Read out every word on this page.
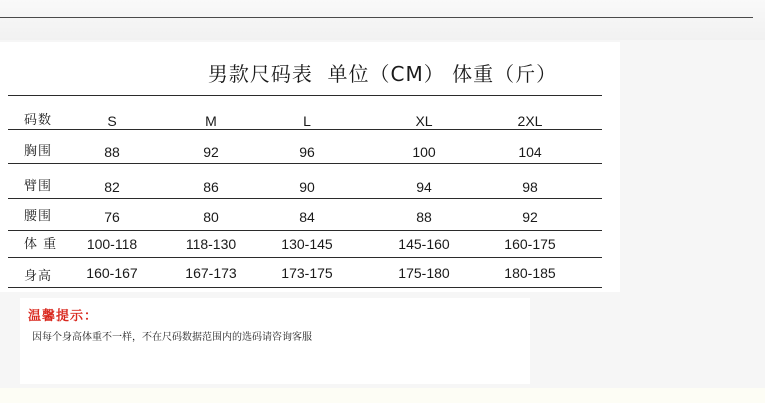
男款尺码表  单位（CM） 体重（斤）
码数	S	M	L	XL	2XL
胸围	88	92	96	100	104
臂围	82	86	90	94	98
腰围	76	80	84	88	92
体 重	100-118	118-130	130-145	145-160	160-175
身高	160-167	167-173	173-175	175-180	180-185
温馨提示：
因每个身高体重不一样，不在尺码数据范围内的选码请咨询客服
